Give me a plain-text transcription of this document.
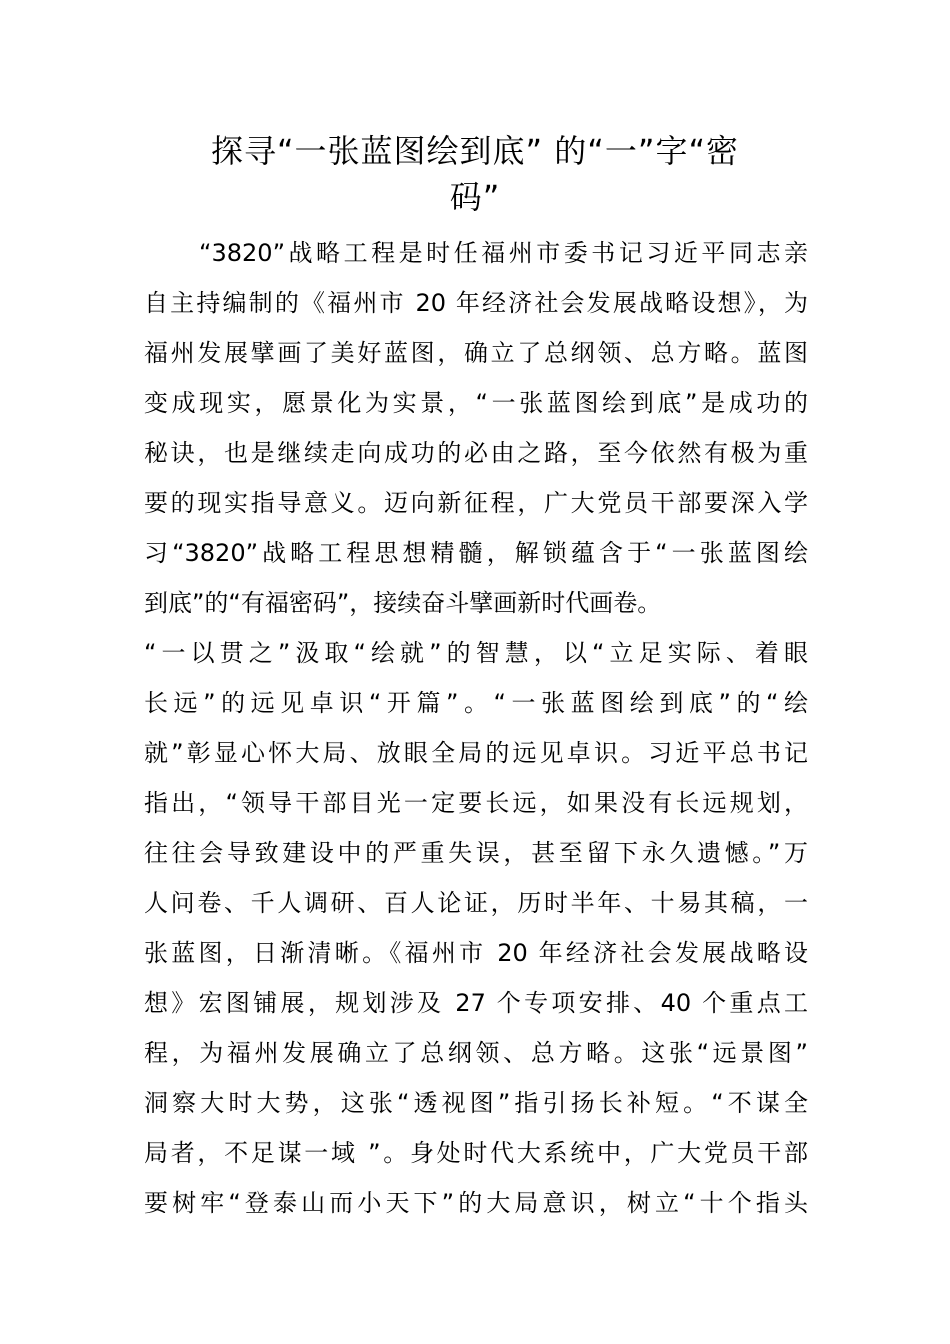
探寻“一张蓝图绘到底” 的“一”字“密
码”
　　“3820”战略工程是时任福州市委书记习近平同志亲
自主持编制的《福州市 20 年经济社会发展战略设想》，为
福州发展擘画了美好蓝图，确立了总纲领、总方略。蓝图
变成现实，愿景化为实景，“一张蓝图绘到底”是成功的
秘诀，也是继续走向成功的必由之路，至今依然有极为重
要的现实指导意义。迈向新征程，广大党员干部要深入学
习“3820”战略工程思想精髓，解锁蕴含于“一张蓝图绘
到底”的“有福密码”，接续奋斗擘画新时代画卷。
“一以贯之”汲取“绘就”的智慧，以“立足实际、着眼
长远”的远见卓识“开篇”。“一张蓝图绘到底”的“绘
就”彰显心怀大局、放眼全局的远见卓识。习近平总书记
指出，“领导干部目光一定要长远，如果没有长远规划，
往往会导致建设中的严重失误，甚至留下永久遗憾。”万
人问卷、千人调研、百人论证，历时半年、十易其稿，一
张蓝图，日渐清晰。《福州市 20 年经济社会发展战略设
想》宏图铺展，规划涉及 27 个专项安排、40 个重点工
程，为福州发展确立了总纲领、总方略。这张“远景图”
洞察大时大势，这张“透视图”指引扬长补短。“不谋全
局者，不足谋一域 ”。身处时代大系统中，广大党员干部
要树牢“登泰山而小天下”的大局意识，树立“十个指头
